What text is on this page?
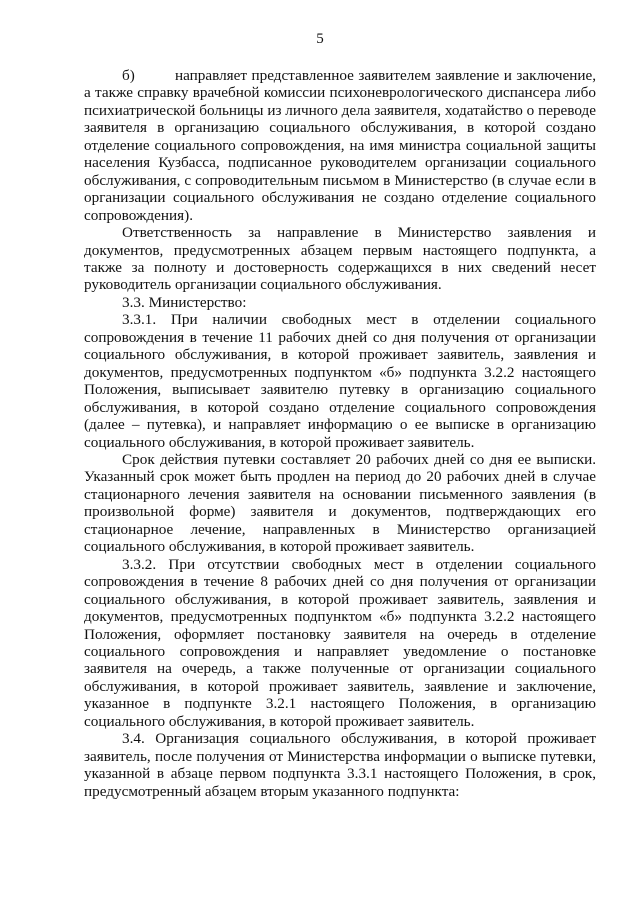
5

б)	направляет представленное заявителем заявление и заключение, а также справку врачебной комиссии психоневрологического диспансера либо психиатрической больницы из личного дела заявителя, ходатайство о переводе заявителя в организацию социального обслуживания, в которой создано отделение социального сопровождения, на имя министра социальной защиты населения Кузбасса, подписанное руководителем организации социального обслуживания, с сопроводительным письмом в Министерство (в случае если в организации социального обслуживания не создано отделение социального сопровождения).

Ответственность за направление в Министерство заявления и документов, предусмотренных абзацем первым настоящего подпункта, а также за полноту и достоверность содержащихся в них сведений несет руководитель организации социального обслуживания.

3.3. Министерство:

3.3.1. При наличии свободных мест в отделении социального сопровождения в течение 11 рабочих дней со дня получения от организации социального обслуживания, в которой проживает заявитель, заявления и документов, предусмотренных подпунктом «б» подпункта 3.2.2 настоящего Положения, выписывает заявителю путевку в организацию социального обслуживания, в которой создано отделение социального сопровождения (далее – путевка), и направляет информацию о ее выписке в организацию социального обслуживания, в которой проживает заявитель.

Срок действия путевки составляет 20 рабочих дней со дня ее выписки. Указанный срок может быть продлен на период до 20 рабочих дней в случае стационарного лечения заявителя на основании письменного заявления (в произвольной форме) заявителя и документов, подтверждающих его стационарное лечение, направленных в Министерство организацией социального обслуживания, в которой проживает заявитель.

3.3.2. При отсутствии свободных мест в отделении социального сопровождения в течение 8 рабочих дней со дня получения от организации социального обслуживания, в которой проживает заявитель, заявления и документов, предусмотренных подпунктом «б» подпункта 3.2.2 настоящего Положения, оформляет постановку заявителя на очередь в отделение социального сопровождения и направляет уведомление о постановке заявителя на очередь, а также полученные от организации социального обслуживания, в которой проживает заявитель, заявление и заключение, указанное в подпункте 3.2.1 настоящего Положения, в организацию социального обслуживания, в которой проживает заявитель.

3.4. Организация социального обслуживания, в которой проживает заявитель, после получения от Министерства информации о выписке путевки, указанной в абзаце первом подпункта 3.3.1 настоящего Положения, в срок, предусмотренный абзацем вторым указанного подпункта:
